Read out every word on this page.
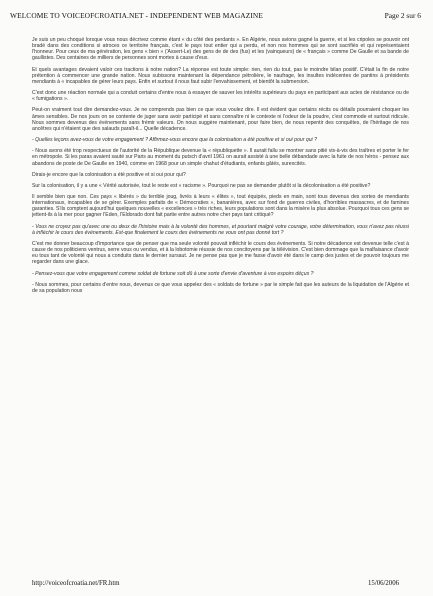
WELCOME TO VOICEOFCROATIA.NET - INDEPENDENT WEB MAGAZINE	Page 2 sur 6

Je suis un peu choqué lorsque vous nous décrivez comme étant « du côté des perdants ». En Algérie, nous avions gagné la guerre, et si les cripoles se pouvoir ont bradé dans des conditions si atroces ce territoire français, c'est le pays tout entier qui a perdu, et non nos hommes qui se sont sacrifiés et qui représentaient l'honneur. Pour ceux de ma génération, les gens « bien » ('Assert-Le) des gens de de des (fus) et les (vainqueurs) de « français » comme De Gaulle et sa bande de gaullistes. Des centaines de milliers de personnes sont mortes à cause d'eux.

Et quels avantages devaient valoir ces tractions à notre nation? La réponse est toute simple: rien, rien du tout, pas le moindre bilan positif. C'était la fin de notre prétention à commencer une grande nation. Nous subissons maintenant la dépendance pétrolière, le naufrage, les insultes indécentes de pantins à présidents mendiants à « incapables de gérer leurs pays. Enfin et surtout il nous faut subir l'envahissement, et bientôt la submersion.

C'est donc une réaction normale qui a conduit certains d'entre nous à essayer de sauver les intérêts supérieurs du pays en participant aux actes de résistance ou de « fumigations ».

Peut-on vraiment tout dire demandez-vous. Je ne comprends pas bien ce que vous voulez dire. Il est évident que certains récits ou détails pourraient choquer les âmes sensibles. De nos jours on se contente de juger sans avoir participé et sans connaître ni le contexte ni l'odeur de la poudre, c'est commode et surtout ridicule. Nous sommes devenus des événements sans frémir valeurs. On nous suggère maintenant, pour faire bien, de nous repentir des conquêtes, de l'héritage de nos ancêtres qui n'étaient que des salauds paraît-il... Quelle décadence.

- Quelles leçons avez-vous de votre engagement ? Affirmez-vous encore que la colonisation a été positive et si oui pour qui ?

- Nous avons été trop respectueux de l'autorité de la République devenue la « républiquette ». Il aurait fallu se montrer sans pitié vis-à-vis des traîtres et porter le fer en métropole. Si les paras avaient sauté sur Paris au moment du putsch d'avril 1961 on aurait assisté à une belle débandade avec la fuite de nos héros - pensez aux abandons de poste de De Gaulle en 1940, comme en 1968 pour un simple chahut d'étudiants, enfants gâtés, surexcités.

Dirais-je encore que la colonisation a été positive et si oui pour qui?

Sur la colonisation, il y a une « Vérité autorisée, tout le reste est « racisme ». Pourquoi ne pas se demander plutôt si la décolonisation a été positive?

Il semble bien que non. Ces pays « libérés » du terrible joug, livrés à leurs « élites », tout équipés, pieds en main, sont tous devenus des sortes de mendiants internationaux, incapables de se gérer. Exemples parfaits de « Démocraties », bananières, avec sur fond de guerres civiles, d'horribles massacres, et de famines garanties. S'ils comptent aujourd'hui quelques nouvelles « excellences » très riches, leurs populations sont dans la misère la plus absolue. Pourquoi tous ces gens se jettent-ils à la mer pour gagner l'Eden, l'Eldorado dont fait partie entre autres notre cher pays tant critiqué?

- Vous ne croyez pas qu'avec une ou deux de l'histoire mais à la volonté des hommes, et pourtant malgré votre courage, votre détermination, vous n'avez pas réussi à infléchir le cours des événements. Est-que finalement le cours des événements ne vous ont pas donné tort ?

C'est me donner beaucoup d'importance que de penser que ma seule volonté pouvait infléchir le cours des événements. Si notre décadence est devenue telle c'est à cause de nos politiciens ventrus, serre vous ou vendus, et à la lobotomie réussie de nos concitoyens par la télévision. C'est bien dommage que la malfaisance d'avoir eu tous tant de volonté qui nous a conduits dans le dernier sursaut. Je ne pense pas que je me fasse d'avoir été dans le camp des justes et de pouvoir toujours me regarder dans une glace.

- Pensez-vous que votre engagement comme soldat de fortune soit dû à une sorte d'envie d'aventure à vos espoirs déçus ?

- Nous sommes, pour certains d'entre nous, devenus ce que vous appelez des « soldats de fortune » par le simple fait que les auteurs de la liquidation de l'Algérie et de sa population nous

http://voiceofcroatia.net/FR.htm	15/06/2006
